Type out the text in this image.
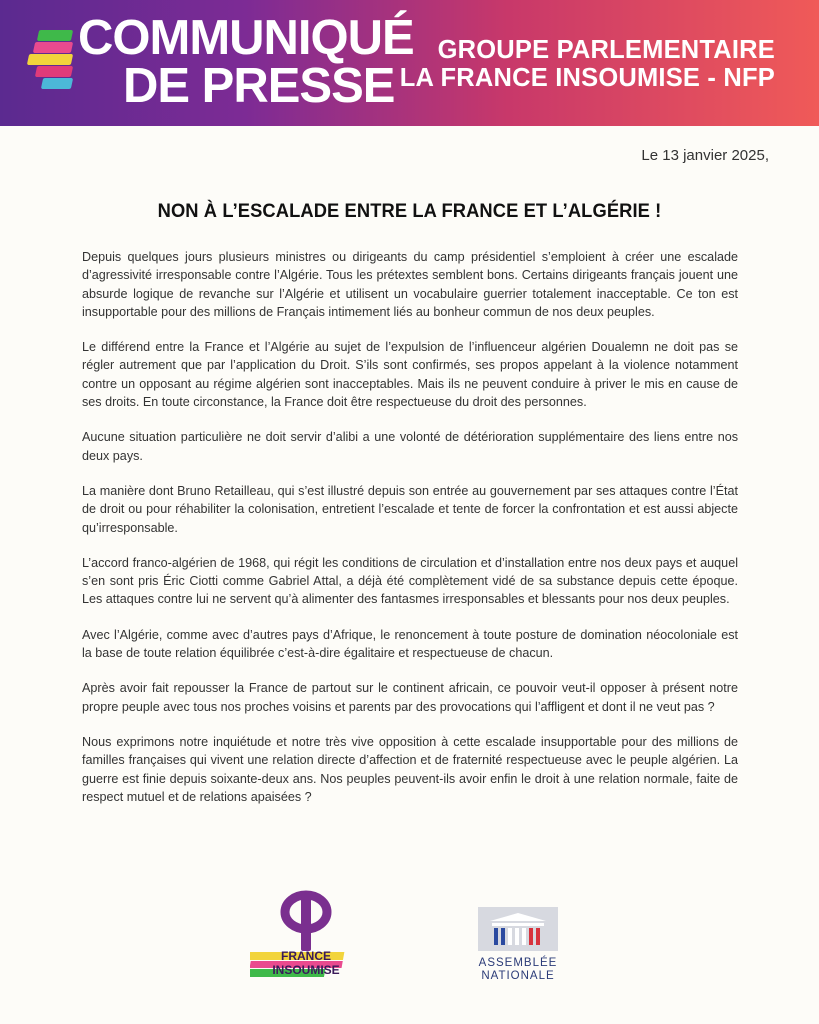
COMMUNIQUÉ
DE PRESSE
GROUPE PARLEMENTAIRE
LA FRANCE INSOUMISE - NFP
Le 13 janvier 2025,
NON À L’ESCALADE ENTRE LA FRANCE ET L’ALGÉRIE !

Depuis quelques jours plusieurs ministres ou dirigeants du camp présidentiel s’emploient à créer une escalade d’agressivité irresponsable contre l’Algérie. Tous les prétextes semblent bons. Certains dirigeants français jouent une absurde logique de revanche sur l’Algérie et utilisent un vocabulaire guerrier totalement inacceptable. Ce ton est insupportable pour des millions de Français intimement liés au bonheur commun de nos deux peuples.

Le différend entre la France et l’Algérie au sujet de l’expulsion de l’influenceur algérien Doualemn ne doit pas se régler autrement que par l’application du Droit. S’ils sont confirmés, ses propos appelant à la violence notamment contre un opposant au régime algérien sont inacceptables. Mais ils ne peuvent conduire à priver le mis en cause de ses droits. En toute circonstance, la France doit être respectueuse du droit des personnes.

Aucune situation particulière ne doit servir d’alibi a une volonté de détérioration supplémentaire des liens entre nos deux pays.

La manière dont Bruno Retailleau, qui s’est illustré depuis son entrée au gouvernement par ses attaques contre l’État de droit ou pour réhabiliter la colonisation, entretient l’escalade et tente de forcer la confrontation et est aussi abjecte qu’irresponsable.

L’accord franco-algérien de 1968, qui régit les conditions de circulation et d’installation entre nos deux pays et auquel s’en sont pris Éric Ciotti comme Gabriel Attal, a déjà été complètement vidé de sa substance depuis cette époque. Les attaques contre lui ne servent qu’à alimenter des fantasmes irresponsables et blessants pour nos deux peuples.

Avec l’Algérie, comme avec d’autres pays d’Afrique, le renoncement à toute posture de domination néocoloniale est la base de toute relation équilibrée c’est-à-dire égalitaire et respectueuse de chacun.

Après avoir fait repousser la France de partout sur le continent africain, ce pouvoir veut-il opposer à présent notre propre peuple avec tous nos proches voisins et parents par des provocations qui l’affligent et dont il ne veut pas ?

Nous exprimons notre inquiétude et notre très vive opposition à cette escalade insupportable pour des millions de familles françaises qui vivent une relation directe d’affection et de fraternité respectueuse avec le peuple algérien. La guerre est finie depuis soixante-deux ans. Nos peuples peuvent-ils avoir enfin le droit à une relation normale, faite de respect mutuel et de relations apaisées ?

FRANCE
INSOUMISE	ASSEMBLÉE
NATIONALE
